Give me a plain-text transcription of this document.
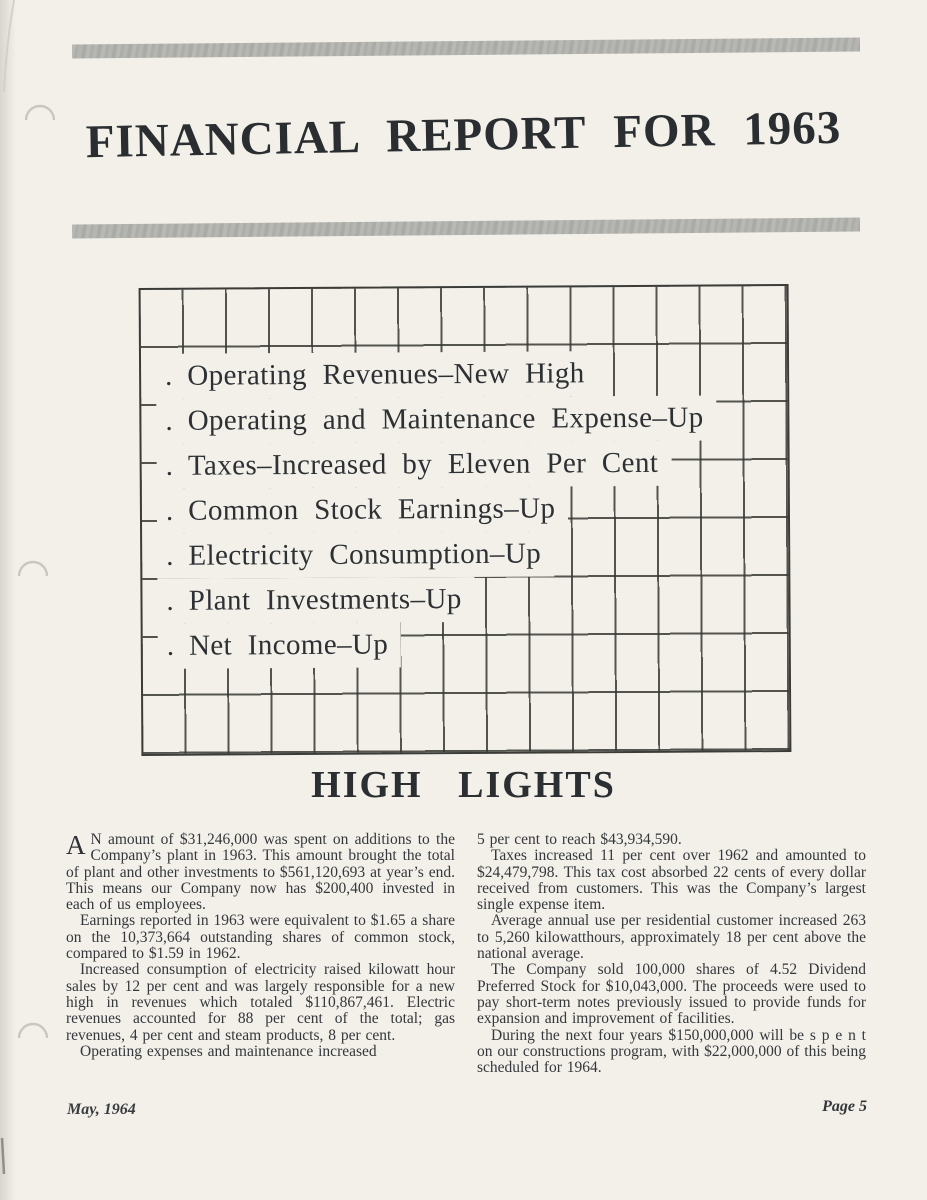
FINANCIAL REPORT FOR 1963
. Operating Revenues–New High
. Operating and Maintenance Expense–Up
. Taxes–Increased by Eleven Per Cent
. Common Stock Earnings–Up
. Electricity Consumption–Up
. Plant Investments–Up
. Net Income–Up
HIGH LIGHTS

A N amount of $31,246,000 was spent on additions to the Company’s plant in 1963. This amount brought the total of plant and other investments to $561,120,693 at year’s end. This means our Company now has $200,400 invested in each of us employees.

Earnings reported in 1963 were equivalent to $1.65 a share on the 10,373,664 outstanding shares of common stock, compared to $1.59 in 1962.

Increased consumption of electricity raised kilowatt hour sales by 12 per cent and was largely responsible for a new high in revenues which totaled $110,867,461. Electric revenues accounted for 88 per cent of the total; gas revenues, 4 per cent and steam products, 8 per cent.

Operating expenses and maintenance increased

5 per cent to reach $43,934,590.

Taxes increased 11 per cent over 1962 and amounted to $24,479,798. This tax cost absorbed 22 cents of every dollar received from customers. This was the Company’s largest single expense item.

Average annual use per residential customer increased 263 to 5,260 kilowatthours, approximately 18 per cent above the national average.

The Company sold 100,000 shares of 4.52 Dividend Preferred Stock for $10,043,000. The proceeds were used to pay short-term notes previously issued to provide funds for expansion and improvement of facilities.

During the next four years $150,000,000 will be s p e n t on our constructions program, with $22,000,000 of this being scheduled for 1964.

May, 1964	Page 5
